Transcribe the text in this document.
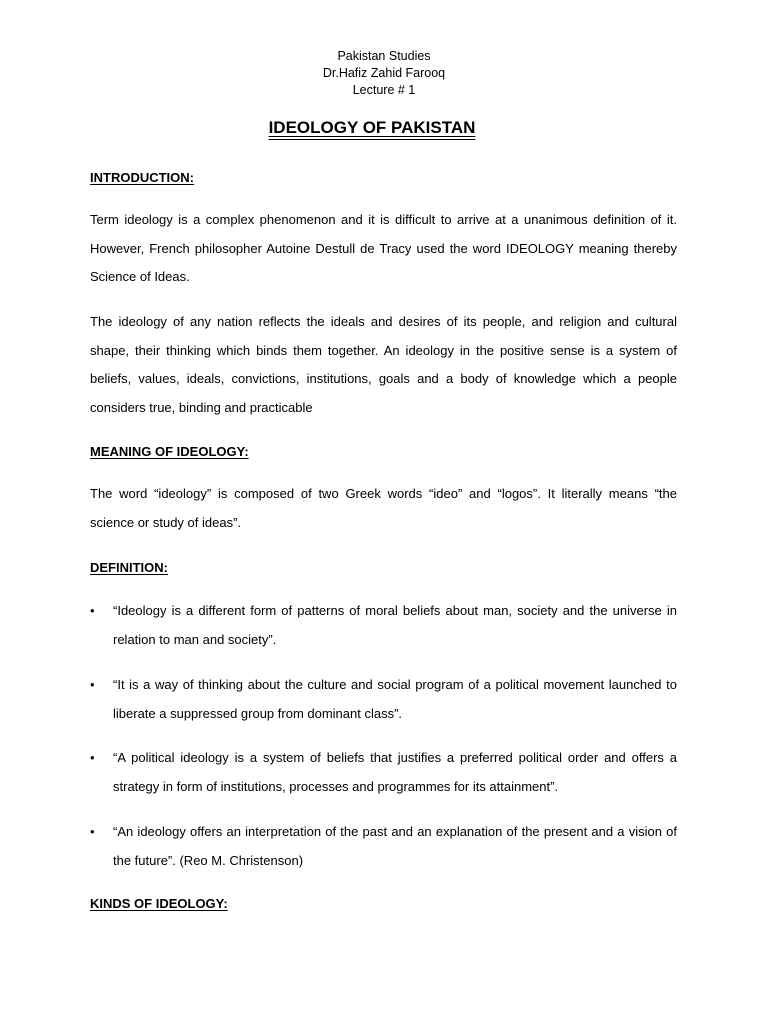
Pakistan Studies
Dr.Hafiz Zahid Farooq
Lecture # 1
IDEOLOGY OF PAKISTAN
INTRODUCTION:

Term ideology is a complex phenomenon and it is difficult to arrive at a unanimous definition of it. However, French philosopher Autoine Destull de Tracy used the word IDEOLOGY meaning thereby Science of Ideas.

The ideology of any nation reflects the ideals and desires of its people, and religion and cultural shape, their thinking which binds them together. An ideology in the positive sense is a system of beliefs, values, ideals, convictions, institutions, goals and a body of knowledge which a people considers true, binding and practicable

MEANING OF IDEOLOGY:

The word “ideology” is composed of two Greek words “ideo” and “logos”. It literally means “the science or study of ideas”.

DEFINITION:
•	“Ideology is a different form of patterns of moral beliefs about man, society and the universe in relation to man and society”.
•	“It is a way of thinking about the culture and social program of a political movement launched to liberate a suppressed group from dominant class”.
•	“A political ideology is a system of beliefs that justifies a preferred political order and offers a strategy in form of institutions, processes and programmes for its attainment”.
•	“An ideology offers an interpretation of the past and an explanation of the present and a vision of the future”. (Reo M. Christenson)
KINDS OF IDEOLOGY:
